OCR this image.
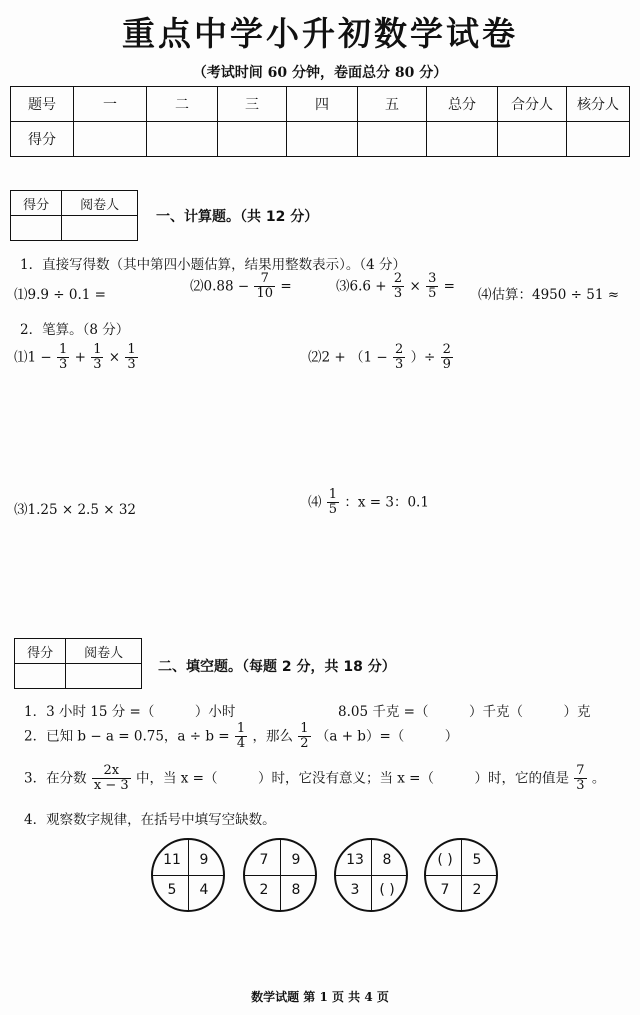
重点中学小升初数学试卷
（考试时间 60 分钟，卷面总分 80 分）
题号	一	二	三	四	五	总分	合分人	核分人
得分								
得分	阅卷人

一、计算题。（共 12 分）
1．直接写得数（其中第四小题估算，结果用整数表示）。（4 分）
⑴9.9 ÷ 0.1 =
⑵0.88 − $\frac{7}{10}$ =	⑶6.6 + $\frac{2}{3} \times \frac{3}{5}$ =
⑷估算：4950 ÷ 51 ≈
2．笔算。（8 分）
⑴1 − $\frac{1}{3} + \frac{1}{3} \times \frac{1}{3}$	⑵2 + （$1 - \frac{2}{3}$ ）÷ $\frac{2}{9}$
⑶1.25 × 2.5 × 32	⑷ $\frac{1}{5}$ ：x = 3：0.1
得分	阅卷人

二、填空题。（每题 2 分，共 18 分）
1．3 小时 15 分 =（　　　）小时	8.05 千克 =（　　　）千克（　　　）克
2．已知 b − a = 0.75，$a \div b = \frac{1}{4}$ ，那么 $\frac{1}{2} (a + b)=$（　　　）
3．在分数 $\frac{2x}{x - 3}$ 中，当 x =（　　　）时，它没有意义；当 x =（　　　）时，它的值是 $\frac{7}{3}$ 。
4．观察数字规律，在括号中填写空缺数。
11	9
5	4
7	9
2	8
13	8
3	( )
( )	5
7	2
数学试题 第 1 页 共 4 页
